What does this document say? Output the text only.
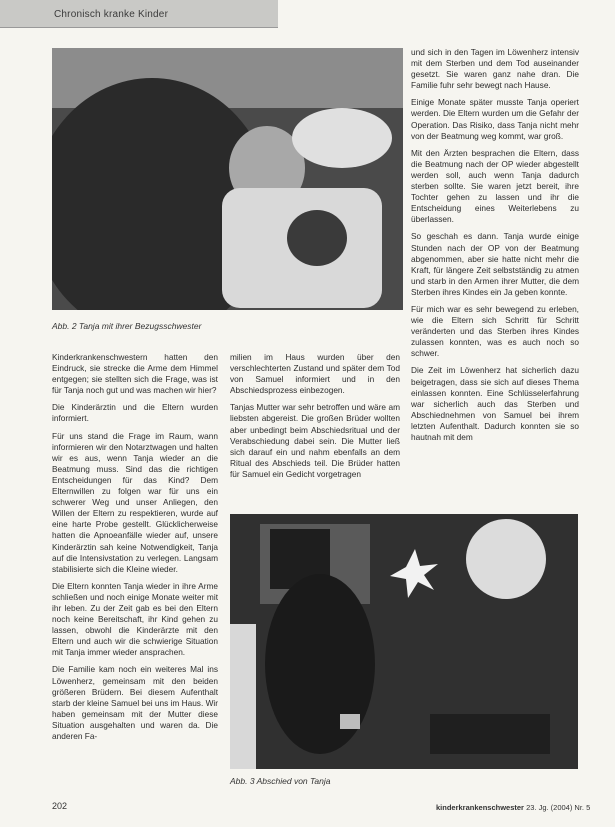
Chronisch kranke Kinder
Abb. 2 Tanja mit ihrer Bezugsschwester
Abb. 3 Abschied von Tanja

Kinderkrankenschwestern hatten den Eindruck, sie strecke die Arme dem Himmel entgegen; sie stellten sich die Frage, was ist für Tanja noch gut und was machen wir hier?

Die Kinderärztin und die Eltern wurden informiert.

Für uns stand die Frage im Raum, wann informieren wir den Notarztwagen und halten wir es aus, wenn Tanja wieder an die Beatmung muss. Sind das die richtigen Entscheidungen für das Kind? Dem Elternwillen zu folgen war für uns ein schwerer Weg und unser Anliegen, den Willen der Eltern zu respektieren, wurde auf eine harte Probe gestellt. Glücklicherweise hatten die Apnoeanfälle wieder auf, unsere Kinderärztin sah keine Notwendigkeit, Tanja auf die Intensivstation zu verlegen. Langsam stabilisierte sich die Kleine wieder.

Die Eltern konnten Tanja wieder in ihre Arme schließen und noch einige Monate weiter mit ihr leben. Zu der Zeit gab es bei den Eltern noch keine Bereitschaft, ihr Kind gehen zu lassen, obwohl die Kinderärzte mit den Eltern und auch wir die schwierige Situation mit Tanja immer wieder ansprachen.

Die Familie kam noch ein weiteres Mal ins Löwenherz, gemeinsam mit den beiden größeren Brüdern. Bei diesem Aufenthalt starb der kleine Samuel bei uns im Haus. Wir haben gemeinsam mit der Mutter diese Situation ausgehalten und waren da. Die anderen Fa-

milien im Haus wurden über den verschlechterten Zustand und später dem Tod von Samuel informiert und in den Abschiedsprozess einbezogen.

Tanjas Mutter war sehr betroffen und wäre am liebsten abgereist. Die großen Brüder wollten aber unbedingt beim Abschiedsritual und der Verabschiedung dabei sein. Die Mutter ließ sich darauf ein und nahm ebenfalls an dem Ritual des Abschieds teil. Die Brüder hatten für Samuel ein Gedicht vorgetragen

und sich in den Tagen im Löwenherz intensiv mit dem Sterben und dem Tod auseinander gesetzt. Sie waren ganz nahe dran. Die Familie fuhr sehr bewegt nach Hause.

Einige Monate später musste Tanja operiert werden. Die Eltern wurden um die Gefahr der Operation. Das Risiko, dass Tanja nicht mehr von der Beatmung weg kommt, war groß.

Mit den Ärzten besprachen die Eltern, dass die Beatmung nach der OP wieder abgestellt werden soll, auch wenn Tanja dadurch sterben sollte. Sie waren jetzt bereit, ihre Tochter gehen zu lassen und ihr die Entscheidung eines Weiterlebens zu überlassen.

So geschah es dann. Tanja wurde einige Stunden nach der OP von der Beatmung abgenommen, aber sie hatte nicht mehr die Kraft, für längere Zeit selbstständig zu atmen und starb in den Armen ihrer Mutter, die dem Sterben ihres Kindes ein Ja geben konnte.

Für mich war es sehr bewegend zu erleben, wie die Eltern sich Schritt für Schritt veränderten und das Sterben ihres Kindes zulassen konnten, was es auch noch so schwer.

Die Zeit im Löwenherz hat sicherlich dazu beigetragen, dass sie sich auf dieses Thema einlassen konnten. Eine Schlüsselerfahrung war sicherlich auch das Sterben und Abschiednehmen von Samuel bei ihrem letzten Aufenthalt. Dadurch konnten sie so hautnah mit dem

202	kinderkrankenschwester 23. Jg. (2004) Nr. 5
